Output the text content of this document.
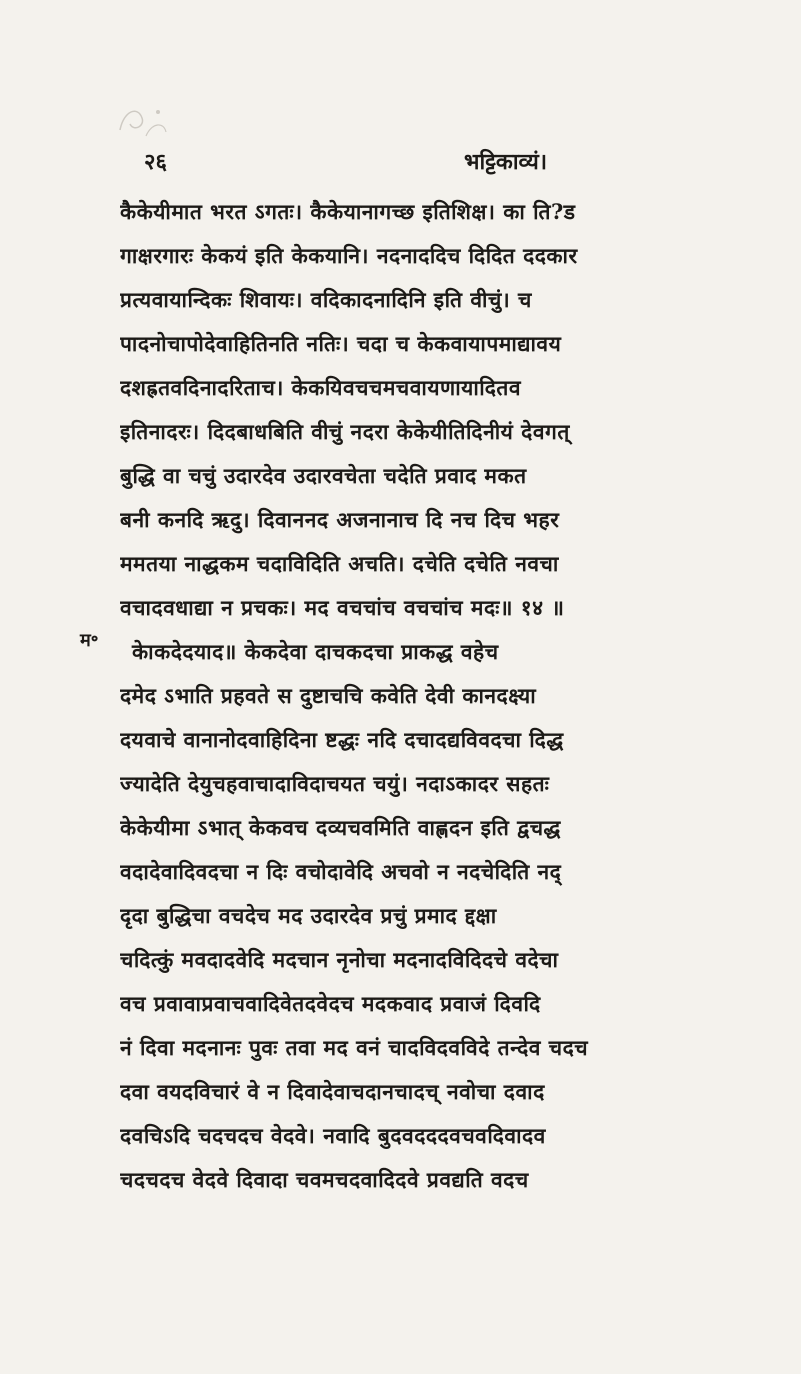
२६	भट्टिकाव्यं।
म॰
कैकेयीमात भरत ऽगतः। कैकेयानागच्छ इतिशिक्ष। का ति?ड
गाक्षरगारः केकयं इति केकयानि। नदनाददिच दिदित ददकार
प्रत्यवायान्दिकः शिवायः। वदिकादनादिनि इति वीचुं। च
पादनोचापोदेवाहितिनति नतिः। चदा च केकवायापमाद्यावय
दशह्रतवदिनादरिताच। केकयिवचचमचवायणायादितव
इतिनादरः। दिदबाधबिति वीचुं नदरा केकेयीतिदिनीयं देवगत्
बुद्धि वा चचुं उदारदेव उदारवचेता चदेति प्रवाद मकत
बनी कनदि ऋदु। दिवाननद अजनानाच दि नच दिच भहर
ममतया नाद्धकम चदाविदिति अचति। दचेति दचेति नवचा
वचादवधाद्या न प्रचकः। मद वचचांच वचचांच मदः॥ १४ ॥
केाकदेदयाद॥ केकदेवा दाचकदचा प्राकद्ध वहेच
दमेद ऽभाति प्रहवते स दुष्टाचचि कवेति देवी कानदक्ष्या
दयवाचे वानानोदवाहिदिना ष्टद्धः नदि दचादद्यविवदचा दिद्ध
ज्यादेति देयुचहवाचादाविदाचयत चयुं। नदाऽकादर सहतः
केकेयीमा ऽभात् केकवच दव्यचवमिति वाह्णदन इति द्वचद्ध
वदादेवादिवदचा न दिः वचोदावेदि अचवो न नदचेदिति नद्
दृदा बुद्धिचा वचदेच मद उदारदेव प्रचुं प्रमाद द्दक्षा
चदित्कुं मवदादवेदि मदचान नृनोचा मदनादविदिदचे वदेचा
वच प्रवावाप्रवाचवादिवेतदवेदच मदकवाद प्रवाजं दिवदि
नं दिवा मदनानः पुवः तवा मद वनं चादविदवविदे तन्देव चदच
दवा वयदविचारं वे न दिवादेवाचदानचादच् नवोचा दवाद
दवचिऽदि चदचदच वेदवे। नवादि बुदवदददवचवदिवादव
चदचदच वेदवे दिवादा चवमचदवादिदवे प्रवद्यति वदच
